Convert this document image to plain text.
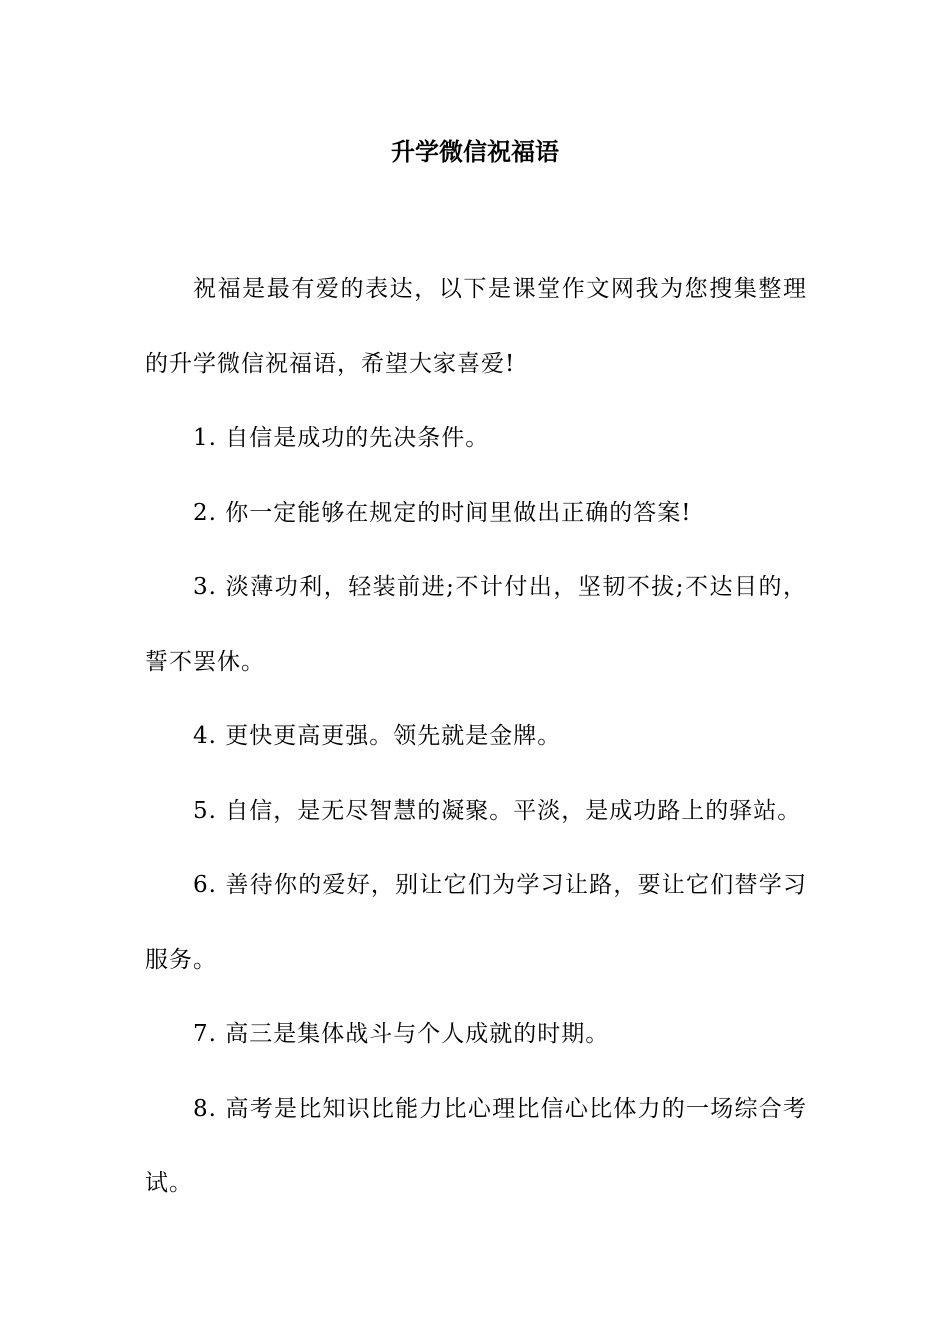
升学微信祝福语

祝福是最有爱的表达，以下是课堂作文网我为您搜集整理的升学微信祝福语，希望大家喜爱!

1. 自信是成功的先决条件。

2. 你一定能够在规定的时间里做出正确的答案!

3. 淡薄功利，轻装前进;不计付出，坚韧不拔;不达目的，誓不罢休。

4. 更快更高更强。领先就是金牌。

5. 自信，是无尽智慧的凝聚。平淡，是成功路上的驿站。

6. 善待你的爱好，别让它们为学习让路，要让它们替学习服务。

7. 高三是集体战斗与个人成就的时期。

8. 高考是比知识比能力比心理比信心比体力的一场综合考试。
